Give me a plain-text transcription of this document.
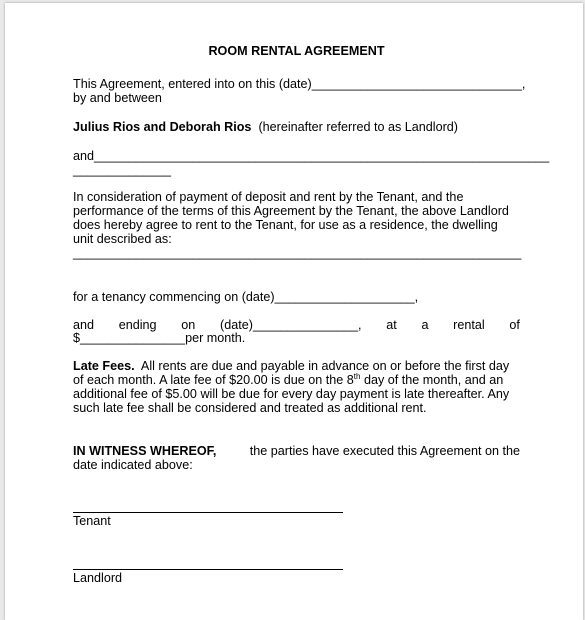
ROOM RENTAL AGREEMENT
This Agreement, entered into on this (date)______________________________,
by and between
Julius Rios and Deborah Rios (hereinafter referred to as Landlord)
and_________________________________________________________________
______________
In consideration of payment of deposit and rent by the Tenant, and the
performance of the terms of this Agreement by the Tenant, the above Landlord
does hereby agree to rent to the Tenant, for use as a residence, the dwelling
unit described as:
________________________________________________________________
for a tenancy commencing on (date)____________________,
and ending on (date)_______________, at a rental of
$_______________per month.
Late Fees. All rents are due and payable in advance on or before the first day
of each month. A late fee of $20.00 is due on the 8th day of the month, and an
additional fee of $5.00 will be due for every day payment is late thereafter. Any
such late fee shall be considered and treated as additional rent.
IN WITNESS WHEREOF,	the parties have executed this Agreement on the
date indicated above:
Tenant
Landlord
